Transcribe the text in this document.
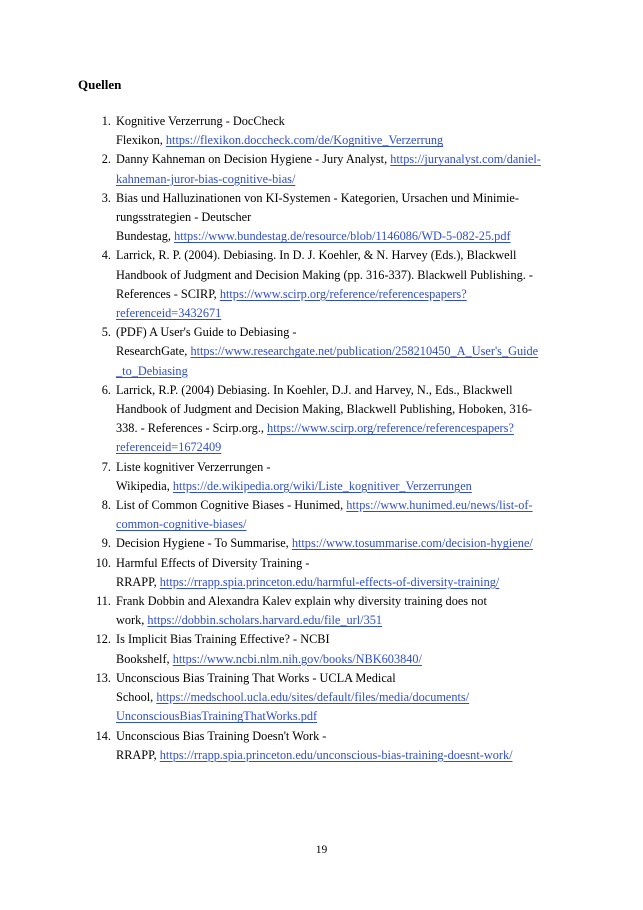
Quellen
1. Kognitive Verzerrung - DocCheck
Flexikon, https://flexikon.doccheck.com/de/Kognitive_Verzerrung
2. Danny Kahneman on Decision Hygiene - Jury Analyst, https://juryanalyst.com/daniel-
kahneman-juror-bias-cognitive-bias/
3. Bias und Halluzinationen von KI-Systemen - Kategorien, Ursachen und Minimie-
rungsstrategien - Deutscher
Bundestag, https://www.bundestag.de/resource/blob/1146086/WD-5-082-25.pdf
4. Larrick, R. P. (2004). Debiasing. In D. J. Koehler, & N. Harvey (Eds.), Blackwell
Handbook of Judgment and Decision Making (pp. 316-337). Blackwell Publishing. -
References - SCIRP, https://www.scirp.org/reference/referencespapers?
referenceid=3432671
5. (PDF) A User's Guide to Debiasing -
ResearchGate, https://www.researchgate.net/publication/258210450_A_User's_Guide
_to_Debiasing
6. Larrick, R.P. (2004) Debiasing. In Koehler, D.J. and Harvey, N., Eds., Blackwell
Handbook of Judgment and Decision Making, Blackwell Publishing, Hoboken, 316-
338. - References - Scirp.org., https://www.scirp.org/reference/referencespapers?
referenceid=1672409
7. Liste kognitiver Verzerrungen -
Wikipedia, https://de.wikipedia.org/wiki/Liste_kognitiver_Verzerrungen
8. List of Common Cognitive Biases - Hunimed, https://www.hunimed.eu/news/list-of-
common-cognitive-biases/
9. Decision Hygiene - To Summarise, https://www.tosummarise.com/decision-hygiene/
10. Harmful Effects of Diversity Training -
RRAPP, https://rrapp.spia.princeton.edu/harmful-effects-of-diversity-training/
11. Frank Dobbin and Alexandra Kalev explain why diversity training does not
work, https://dobbin.scholars.harvard.edu/file_url/351
12. Is Implicit Bias Training Effective? - NCBI
Bookshelf, https://www.ncbi.nlm.nih.gov/books/NBK603840/
13. Unconscious Bias Training That Works - UCLA Medical
School, https://medschool.ucla.edu/sites/default/files/media/documents/
UnconsciousBiasTrainingThatWorks.pdf
14. Unconscious Bias Training Doesn't Work -
RRAPP, https://rrapp.spia.princeton.edu/unconscious-bias-training-doesnt-work/
19
